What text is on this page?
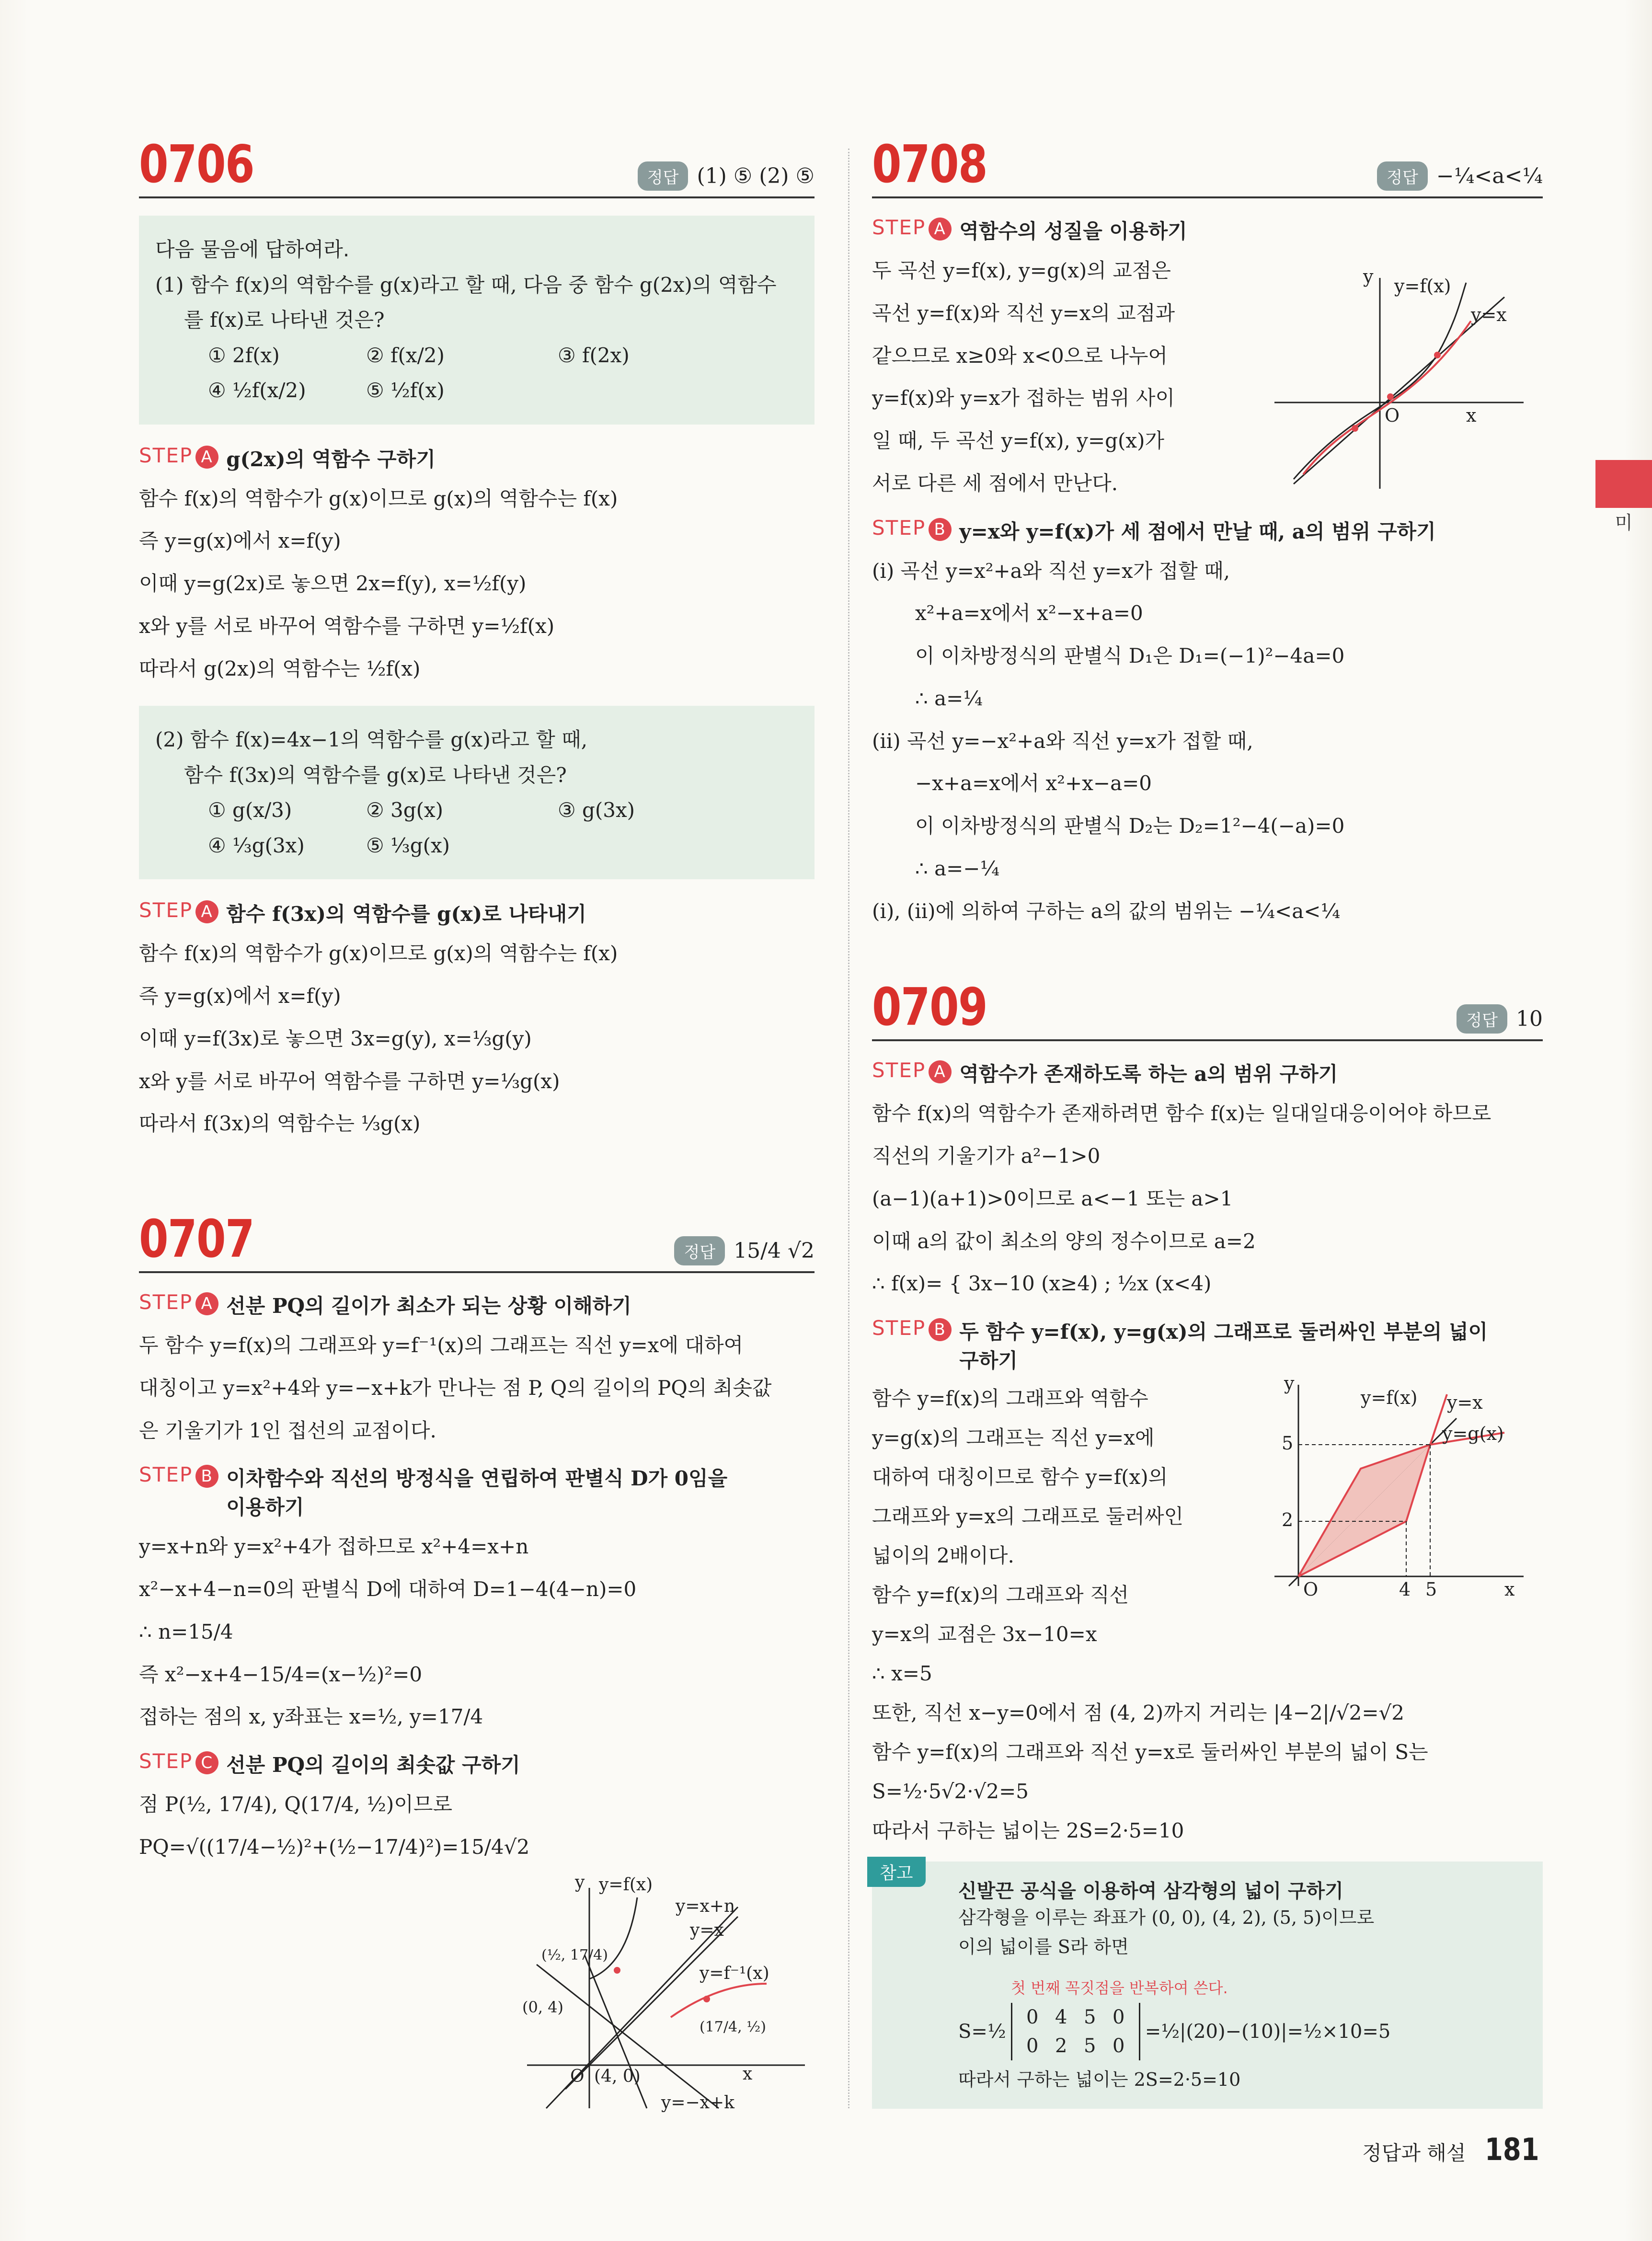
미
0706	정답 (1) ⑤ (2) ⑤
다음 물음에 답하여라.
(1) 함수 f(x)의 역함수를 g(x)라고 할 때, 다음 중 함수 g(2x)의 역함수
를 f(x)로 나타낸 것은?
① 2f(x)	② f(x/2)	③ f(2x)
④ ½f(x/2)	⑤ ½f(x)
STEP A g(2x)의 역함수 구하기

함수 f(x)의 역함수가 g(x)이므로 g(x)의 역함수는 f(x)

즉 y=g(x)에서 x=f(y)

이때 y=g(2x)로 놓으면 2x=f(y), x=½f(y)

x와 y를 서로 바꾸어 역함수를 구하면 y=½f(x)

따라서 g(2x)의 역함수는 ½f(x)

(2) 함수 f(x)=4x−1의 역함수를 g(x)라고 할 때,
함수 f(3x)의 역함수를 g(x)로 나타낸 것은?
① g(x/3)	② 3g(x)	③ g(3x)
④ ⅓g(3x)	⑤ ⅓g(x)
STEP A 함수 f(3x)의 역함수를 g(x)로 나타내기

함수 f(x)의 역함수가 g(x)이므로 g(x)의 역함수는 f(x)

즉 y=g(x)에서 x=f(y)

이때 y=f(3x)로 놓으면 3x=g(y), x=⅓g(y)

x와 y를 서로 바꾸어 역함수를 구하면 y=⅓g(x)

따라서 f(3x)의 역함수는 ⅓g(x)

0707	정답 15/4 √2
STEP A 선분 PQ의 길이가 최소가 되는 상황 이해하기

두 함수 y=f(x)의 그래프와 y=f⁻¹(x)의 그래프는 직선 y=x에 대하여

대칭이고 y=x²+4와 y=−x+k가 만나는 점 P, Q의 길이의 PQ의 최솟값

은 기울기가 1인 접선의 교점이다.

STEP B 이차함수와 직선의 방정식을 연립하여 판별식 D가 0임을
이용하기

y=x+n와 y=x²+4가 접하므로 x²+4=x+n

x²−x+4−n=0의 판별식 D에 대하여 D=1−4(4−n)=0

∴ n=15/4

즉 x²−x+4−15/4=(x−½)²=0

접하는 점의 x, y좌표는 x=½, y=17/4

STEP C 선분 PQ의 길이의 최솟값 구하기

점 P(½, 17/4), Q(17/4, ½)이므로

PQ=√((17/4−½)²+(½−17/4)²)=15/4√2

y y=f(x)
y=x+n
y=x
y=f⁻¹(x)
(½, 17/4)
(0, 4)
(17/4, ½)
O (4, 0)	x
y=−x+k
0708	정답 −¼<a<¼
STEP A 역함수의 성질을 이용하기

두 곡선 y=f(x), y=g(x)의 교점은

곡선 y=f(x)와 직선 y=x의 교점과

같으므로 x≥0와 x<0으로 나누어

y=f(x)와 y=x가 접하는 범위 사이

일 때, 두 곡선 y=f(x), y=g(x)가

서로 다른 세 점에서 만난다.

STEP B y=x와 y=f(x)가 세 점에서 만날 때, a의 범위 구하기

(ⅰ) 곡선 y=x²+a와 직선 y=x가 접할 때,

x²+a=x에서 x²−x+a=0

이 이차방정식의 판별식 D₁은 D₁=(−1)²−4a=0

∴ a=¼

(ⅱ) 곡선 y=−x²+a와 직선 y=x가 접할 때,

−x+a=x에서 x²+x−a=0

이 이차방정식의 판별식 D₂는 D₂=1²−4(−a)=0

∴ a=−¼

(ⅰ), (ⅱ)에 의하여 구하는 a의 값의 범위는 −¼<a<¼

0709	정답 10
STEP A 역함수가 존재하도록 하는 a의 범위 구하기

함수 f(x)의 역함수가 존재하려면 함수 f(x)는 일대일대응이어야 하므로

직선의 기울기가 a²−1>0

(a−1)(a+1)>0이므로 a<−1 또는 a>1

이때 a의 값이 최소의 양의 정수이므로 a=2

∴ f(x)= { 3x−10 (x≥4) ; ½x (x<4)

STEP B 두 함수 y=f(x), y=g(x)의 그래프로 둘러싸인 부분의 넓이
구하기

함수 y=f(x)의 그래프와 역함수

y=g(x)의 그래프는 직선 y=x에

대하여 대칭이므로 함수 y=f(x)의

그래프와 y=x의 그래프로 둘러싸인

넓이의 2배이다.

함수 y=f(x)의 그래프와 직선

y=x의 교점은 3x−10=x

∴ x=5

또한, 직선 x−y=0에서 점 (4, 2)까지 거리는 |4−2|/√2=√2

함수 y=f(x)의 그래프와 직선 y=x로 둘러싸인 부분의 넓이 S는

S=½·5√2·√2=5

따라서 구하는 넓이는 2S=2·5=10

참고
신발끈 공식을 이용하여 삼각형의 넓이 구하기
삼각형을 이루는 좌표가 (0, 0), (4, 2), (5, 5)이므로
이의 넓이를 S라 하면
첫 번째 꼭짓점을 반복하여 쓴다.
S=½
0 4 5 0
0 2 5 0
=½|(20)−(10)|=½×10=5
따라서 구하는 넓이는 2S=2·5=10
y y=f(x)
y=x
O	x
y
y=f(x) y=x
y=g(x)
5
2
O	4 5	x
정답과 해설 181
